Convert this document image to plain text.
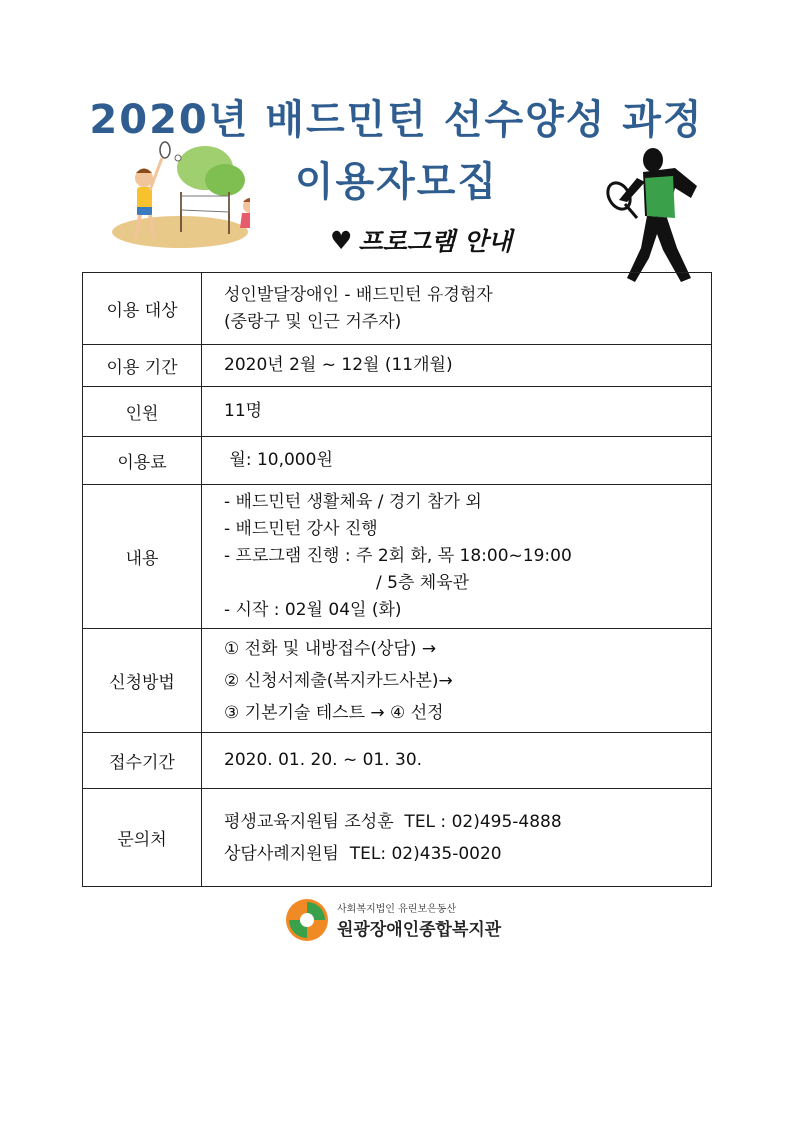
2020년 배드민턴 선수양성 과정
이용자모집
♥ 프로그램 안내
이용 대상	성인발달장애인 - 배드민턴 유경험자
(중랑구 및 인근 거주자)

이용 기간	2020년 2월 ~ 12월 (11개월)

인원	11명

이용료	월: 10,000원

내용	- 배드민턴 생활체육 / 경기 참가 외
- 배드민턴 강사 진행
- 프로그램 진행 : 주 2회 화, 목 18:00~19:00
/ 5층 체육관
- 시작 : 02월 04일 (화)

신청방법	① 전화 및 내방접수(상담) →
② 신청서제출(복지카드사본)→
③ 기본기술 테스트 → ④ 선정

접수기간	2020. 01. 20. ~ 01. 30.

문의처	평생교육지원팀 조성훈  TEL : 02)495-4888
상담사례지원팀  TEL: 02)435-0020
사회복지법인 유린보은동산
원광장애인종합복지관
